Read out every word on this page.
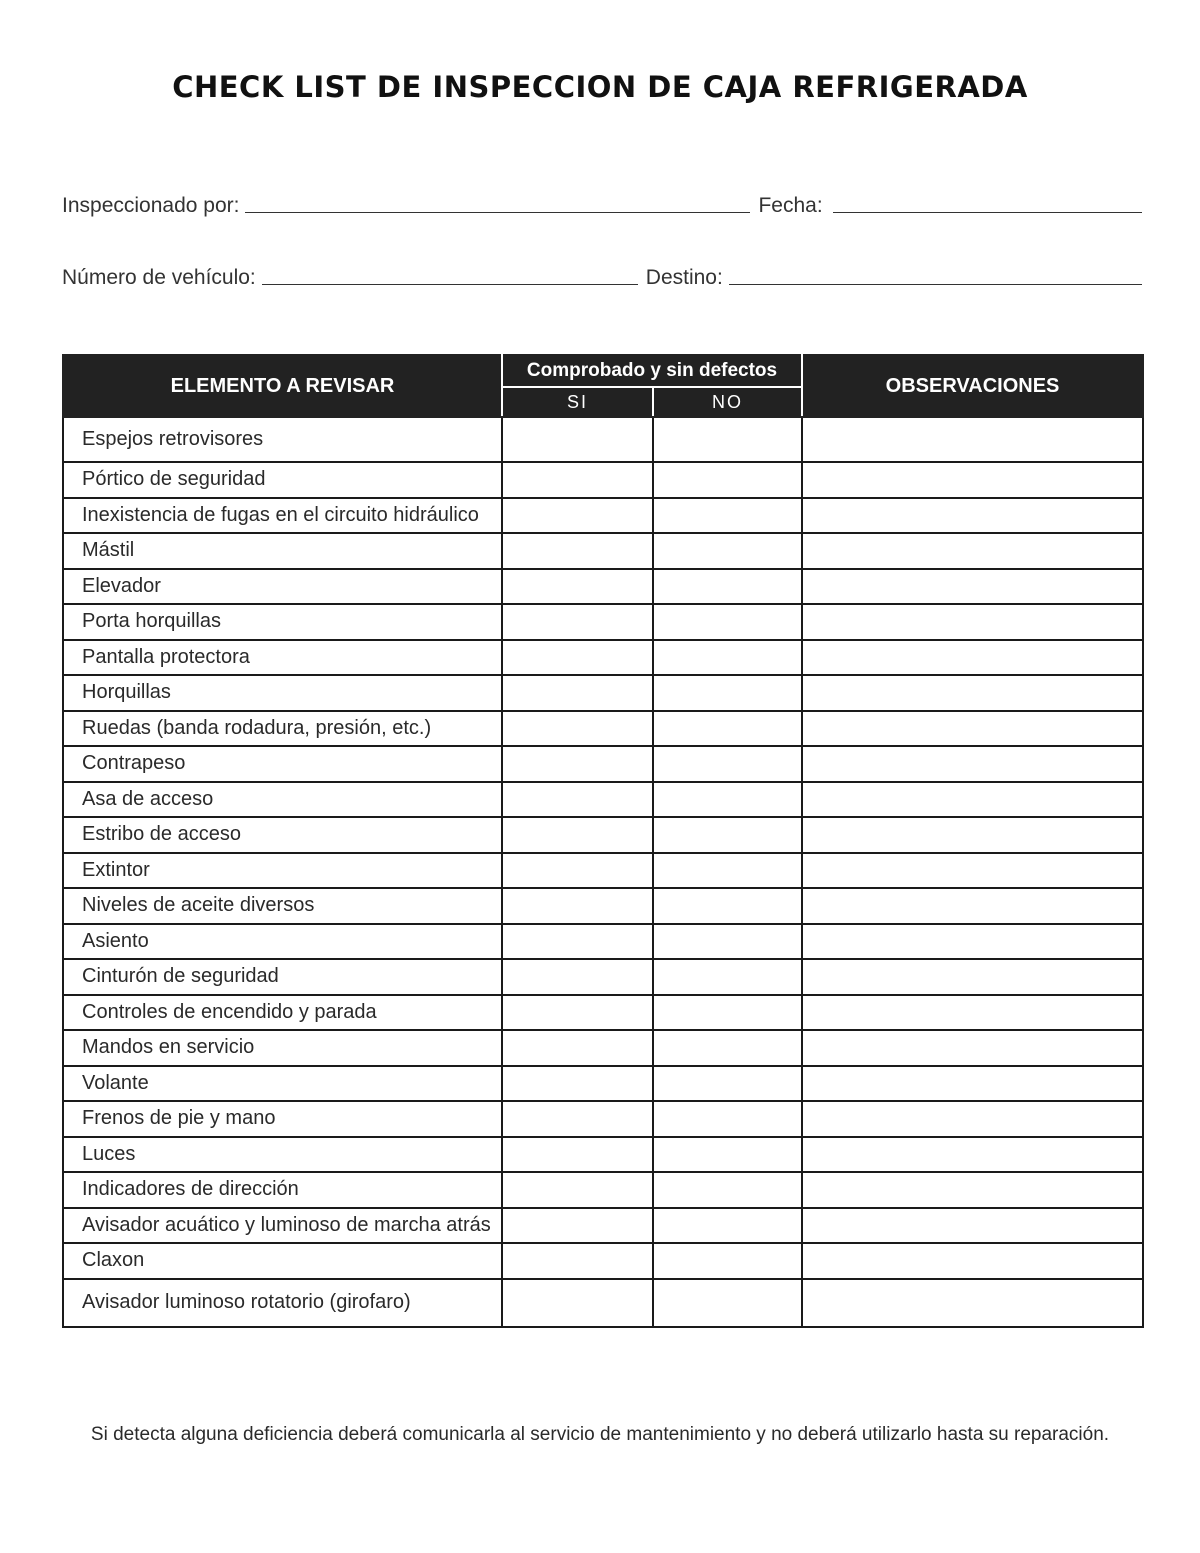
CHECK LIST DE INSPECCION DE CAJA REFRIGERADA
Inspeccionado por:	Fecha:
Número de vehículo:	Destino:
ELEMENTO A REVISAR	Comprobado y sin defectos		OBSERVACIONES
	SI	NO	
Espejos retrovisores			
Pórtico de seguridad			
Inexistencia de fugas en el circuito hidráulico			
Mástil			
Elevador			
Porta horquillas			
Pantalla protectora			
Horquillas			
Ruedas (banda rodadura, presión, etc.)			
Contrapeso			
Asa de acceso			
Estribo de acceso			
Extintor			
Niveles de aceite diversos			
Asiento			
Cinturón de seguridad			
Controles de encendido y parada			
Mandos en servicio			
Volante			
Frenos de pie y mano			
Luces			
Indicadores de dirección			
Avisador acuático y luminoso de marcha atrás			
Claxon			
Avisador luminoso rotatorio (girofaro)			
Si detecta alguna deficiencia deberá comunicarla al servicio de mantenimiento y no deberá utilizarlo hasta su reparación.
